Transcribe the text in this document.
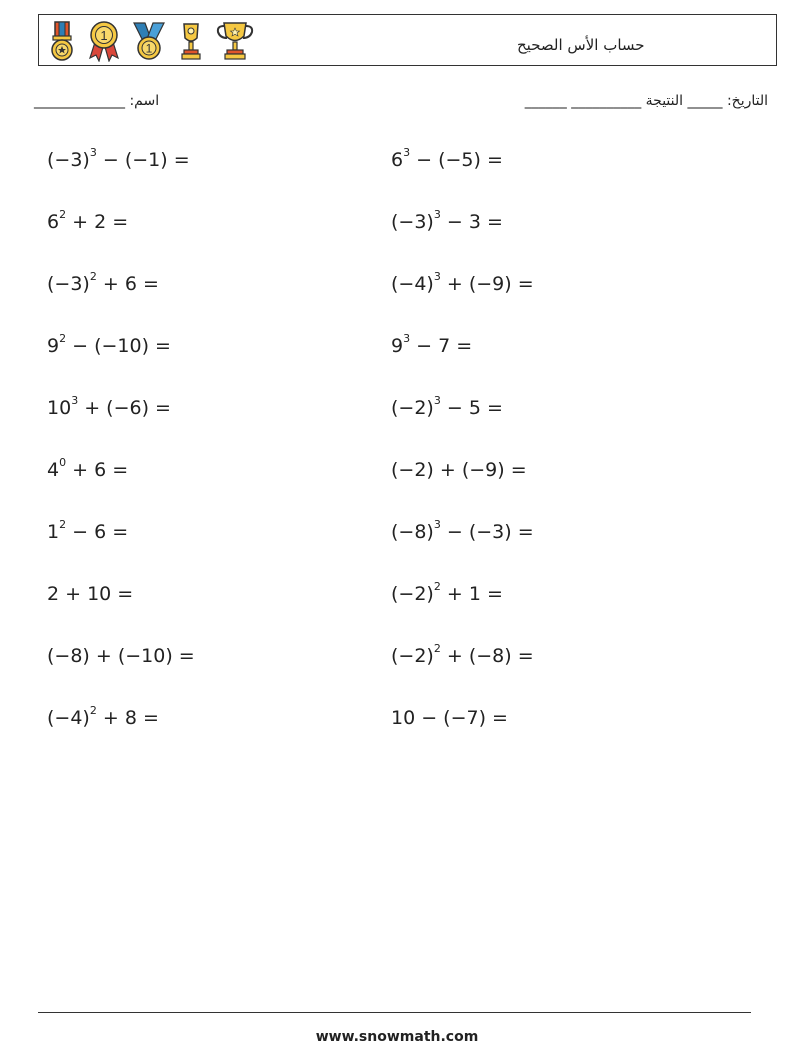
1
1	حساب الأس الصحيح
_____________ :اسم	التاريخ: _____ النتيجة __________ ______
$(-3)^3 - (-1)$ =
$6^2 + 2$ =
$(-3)^2 + 6$ =
$9^2 - (-10)$ =
$10^3 + (-6)$ =
$4^0 + 6$ =
$1^2 - 6$ =
2 + 10 =
(−8) + (−10) =
$(-4)^2 + 8$ =
$6^3 - (-5)$ =
$(-3)^3 - 3$ =
$(-4)^3 + (-9)$ =
$9^3 - 7$ =
$(-2)^3 - 5$ =
(−2) + (−9) =
$(-8)^3 - (-3)$ =
$(-2)^2 + 1$ =
$(-2)^2 + (-8)$ =
10 − (−7) =
www.snowmath.com
